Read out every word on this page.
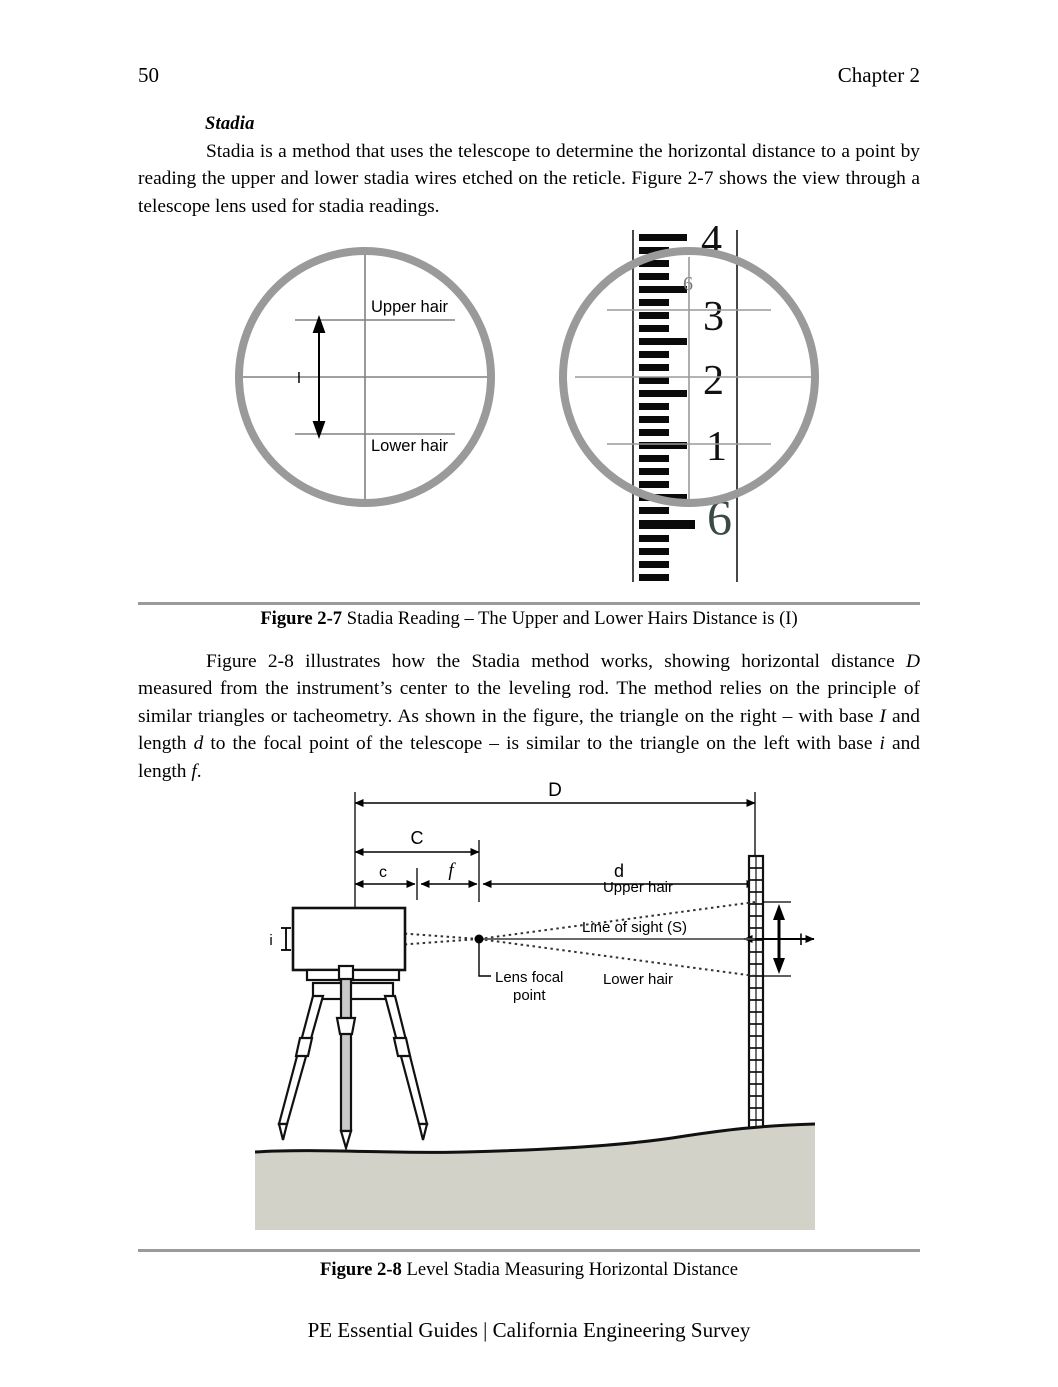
50	Chapter 2
Stadia
Stadia is a method that uses the telescope to determine the horizontal distance to a point by reading the upper and lower stadia wires etched on the reticle. Figure 2-7 shows the view through a telescope lens used for stadia readings.
I
Upper hair
Lower hair
4
6
3
2
1
6
Figure 2-7 Stadia Reading – The Upper and Lower Hairs Distance is (I)
Figure 2-8 illustrates how the Stadia method works, showing horizontal distance D measured from the instrument’s center to the leveling rod. The method relies on the principle of similar triangles or tacheometry. As shown in the figure, the triangle on the right – with base I and length d to the focal point of the telescope – is similar to the triangle on the left with base i and length f.
D
C
c	f	d
I
Upper hair
Line of sight (S)
Lower hair
Lens focal
point
i
Figure 2-8 Level Stadia Measuring Horizontal Distance
PE Essential Guides | California Engineering Survey
